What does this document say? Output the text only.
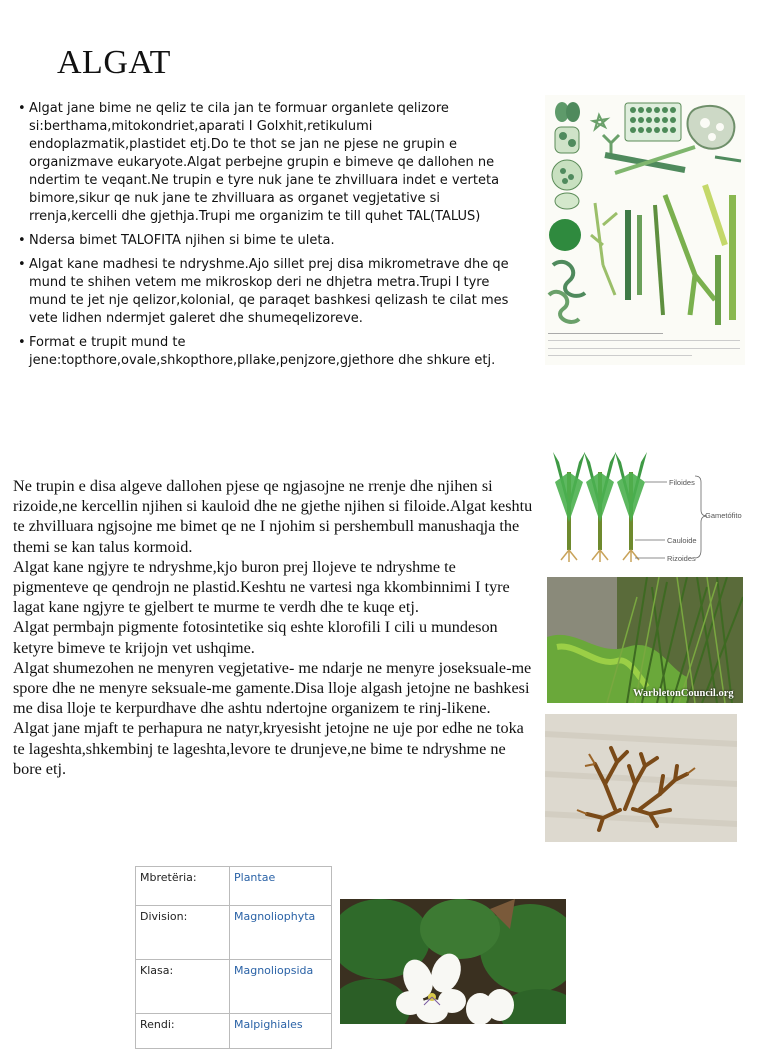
ALGAT
• Algat jane bime ne qeliz te cila jan te formuar organlete qelizore si:berthama,mitokondriet,aparati I Golxhit,retikulumi endoplazmatik,plastidet etj.Do te thot se jan ne pjese ne grupin e organizmave eukaryote.Algat perbejne grupin e bimeve qe dallohen ne ndertim te veqant.Ne trupin e tyre nuk jane te zhvilluara indet e verteta bimore,sikur qe nuk jane te zhvilluara as organet vegjetative si rrenja,kercelli dhe gjethja.Trupi me organizim te till quhet TAL(TALUS)
• Ndersa bimet TALOFITA njihen si bime te uleta.
• Algat kane madhesi te ndryshme.Ajo sillet prej disa mikrometrave dhe qe mund te shihen vetem me mikroskop deri ne dhjetra metra.Trupi I tyre mund te jet nje qelizor,kolonial, qe paraqet bashkesi qelizash te cilat mes vete lidhen ndermjet galeret dhe shumeqelizoreve.
• Format e trupit mund te jene:topthore,ovale,shkopthore,pllake,penjzore,gjethore dhe shkure etj.
Filoides
Gametófito
Cauloide
Rizoides
WarbletonCouncil.org

Ne trupin e disa algeve dallohen pjese qe ngjasojne ne rrenje dhe njihen si rizoide,ne kercellin njihen si kauloid dhe ne gjethe njihen si filoide.Algat keshtu te zhvilluara ngjsojne me bimet qe ne I njohim si pershembull manushaqja the themi se kan talus kormoid.

Algat kane ngjyre te ndryshme,kjo buron prej llojeve te ndryshme te pigmenteve qe qendrojn ne plastid.Keshtu ne vartesi nga kkombinnimi I tyre lagat kane ngjyre te gjelbert te murme te verdh dhe te kuqe etj.

Algat permbajn pigmente fotosintetike siq eshte klorofili I cili u mundeson ketyre bimeve te krijojn vet ushqime.

Algat shumezohen ne menyren vegjetative- me ndarje ne menyre joseksuale-me spore dhe ne menyre seksuale-me gamente.Disa lloje algash jetojne ne bashkesi me disa lloje te kerpurdhave dhe ashtu ndertojne organizem te rinj-likene.

Algat jane mjaft te perhapura ne natyr,kryesisht jetojne ne uje por edhe ne toka te lageshta,shkembinj te lageshta,levore te drunjeve,ne bime te ndryshme ne bore etj.

Mbretëria:	Plantae
Division:	Magnoliophyta
Klasa:	Magnoliopsida
Rendi:	Malpighiales
